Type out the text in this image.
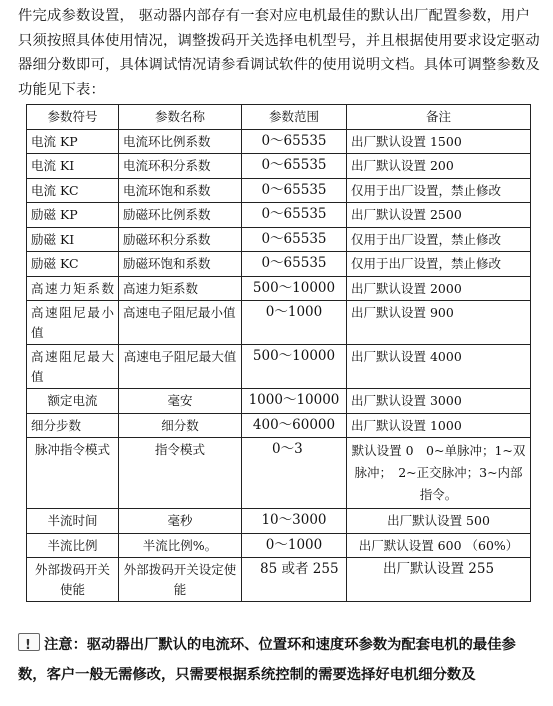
件完成参数设置， 驱动器内部存有一套对应电机最佳的默认出厂配置参数，用户只须按照具体使用情况，调整拨码开关选择电机型号，并且根据使用要求设定驱动器细分数即可，具体调试情况请参看调试软件的使用说明文档。具体可调整参数及功能见下表：

参数符号	参数名称	参数范围	备注
电流 KP	电流环比例系数	0～65535	出厂默认设置 1500
电流 KI	电流环积分系数	0～65535	出厂默认设置 200
电流 KC	电流环饱和系数	0～65535	仅用于出厂设置，禁止修改
励磁 KP	励磁环比例系数	0～65535	出厂默认设置 2500
励磁 KI	励磁环积分系数	0～65535	仅用于出厂设置，禁止修改
励磁 KC	励磁环饱和系数	0～65535	仅用于出厂设置，禁止修改
高速力矩系数	高速力矩系数	500～10000	出厂默认设置 2000
高速阻尼最小值	高速电子阻尼最小值	0～1000	出厂默认设置 900
高速阻尼最大值	高速电子阻尼最大值	500～10000	出厂默认设置 4000
额定电流	毫安	1000～10000	出厂默认设置 3000
细分步数	细分数	400～60000	出厂默认设置 1000
脉冲指令模式	指令模式	0～3	默认设置 0　0~单脉冲；1~双脉冲；　2~正交脉冲；3~内部指令。
半流时间	毫秒	10～3000	出厂默认设置 500
半流比例	半流比例%。	0～1000	出厂默认设置 600 （60%）
外部拨码开关使能	外部拨码开关设定使能	85 或者 255	出厂默认设置 255
!注意：驱动器出厂默认的电流环、位置环和速度环参数为配套电机的最佳参数，客户一般无需修改，只需要根据系统控制的需要选择好电机细分数及
